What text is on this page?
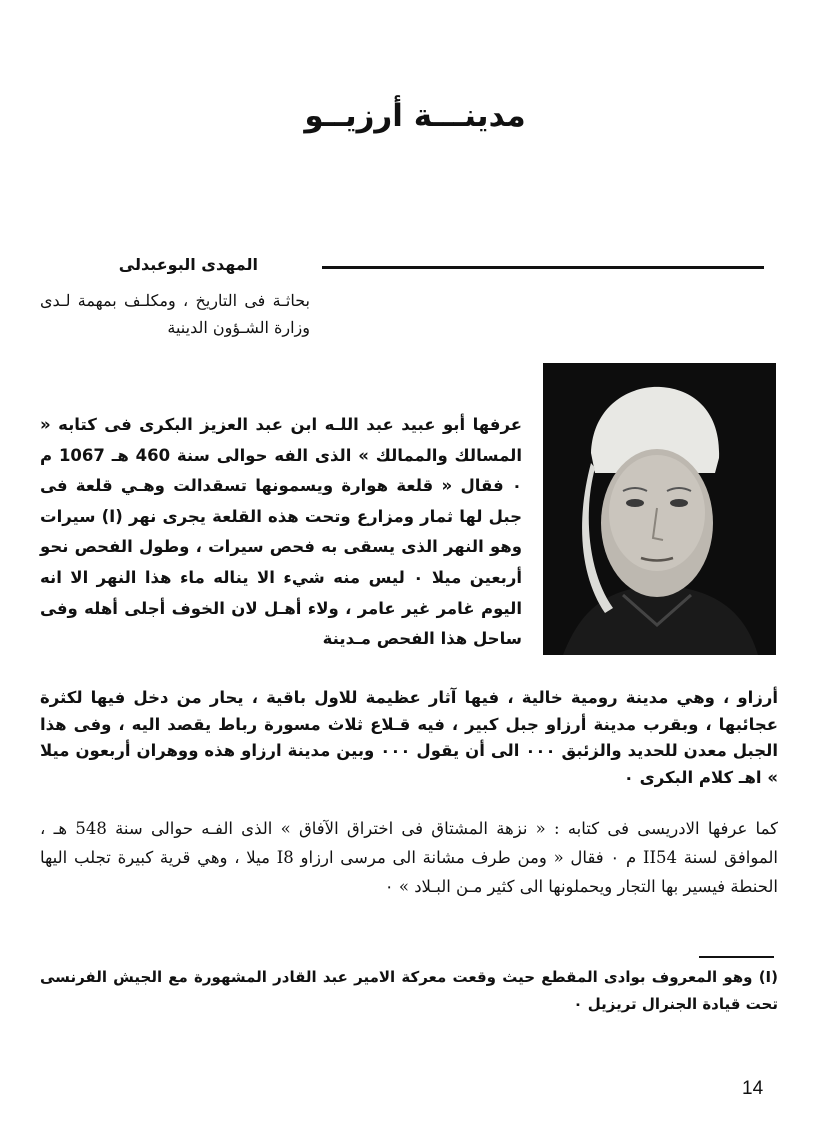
مدينـــة أرزيــو
المهدى البوعبدلى
بحاثـة فى التاريخ ، ومكلـف بمهمة لـدى وزارة الشـؤون الدينية
عرفها أبو عبيد عبد اللـه ابن عبد العزيز البكرى فى كتابه « المسالك والممالك » الذى الفه حوالى سنة 460 هـ 1067 م ٠ فقال « قلعة هوارة ويسمونها تسقدالت وهـي قلعة فى جبل لها ثمار ومزارع وتحت هذه القلعة يجرى نهر (I) سيرات وهو النهر الذى يسقى به فحص سيرات ، وطول الفحص نحو أربعين ميلا ٠ ليس منه شيء الا يناله ماء هذا النهر الا انه اليوم غامر غير عامر ، ولاء أهـل لان الخوف أجلى أهله وفى ساحل هذا الفحص مـدينة
أرزاو ، وهي مدينة رومية خالية ، فيها آثار عظيمة للاول باقية ، يحار من دخل فيها لكثرة عجائبها ، وبقرب مدينة أرزاو جبل كبير ، فيه قـلاع ثلاث مسورة رباط يقصد اليه ، وفى هذا الجبل معدن للحديد والزئبق ٠٠٠ الى أن يقول ٠٠٠ وبين مدينة ارزاو هذه ووهران أربعون ميلا » اهـ كلام البكرى ٠
كما عرفها الادريسى فى كتابه : « نزهة المشتاق فى اختراق الآفاق » الذى الفـه حوالى سنة 548 هـ ، الموافق لسنة II54 م ٠ فقال « ومن طرف مشانة الى مرسى ارزاو I8 ميلا ، وهي قرية كبيرة تجلب اليها الحنطة فيسير بها التجار ويحملونها الى كثير مـن البـلاد » ٠
(I) وهو المعروف بوادى المقطع حيث وقعت معركة الامير عبد القادر المشهورة مع الجيش الفرنسى تحت قيادة الجنرال تريزيل ٠
14
